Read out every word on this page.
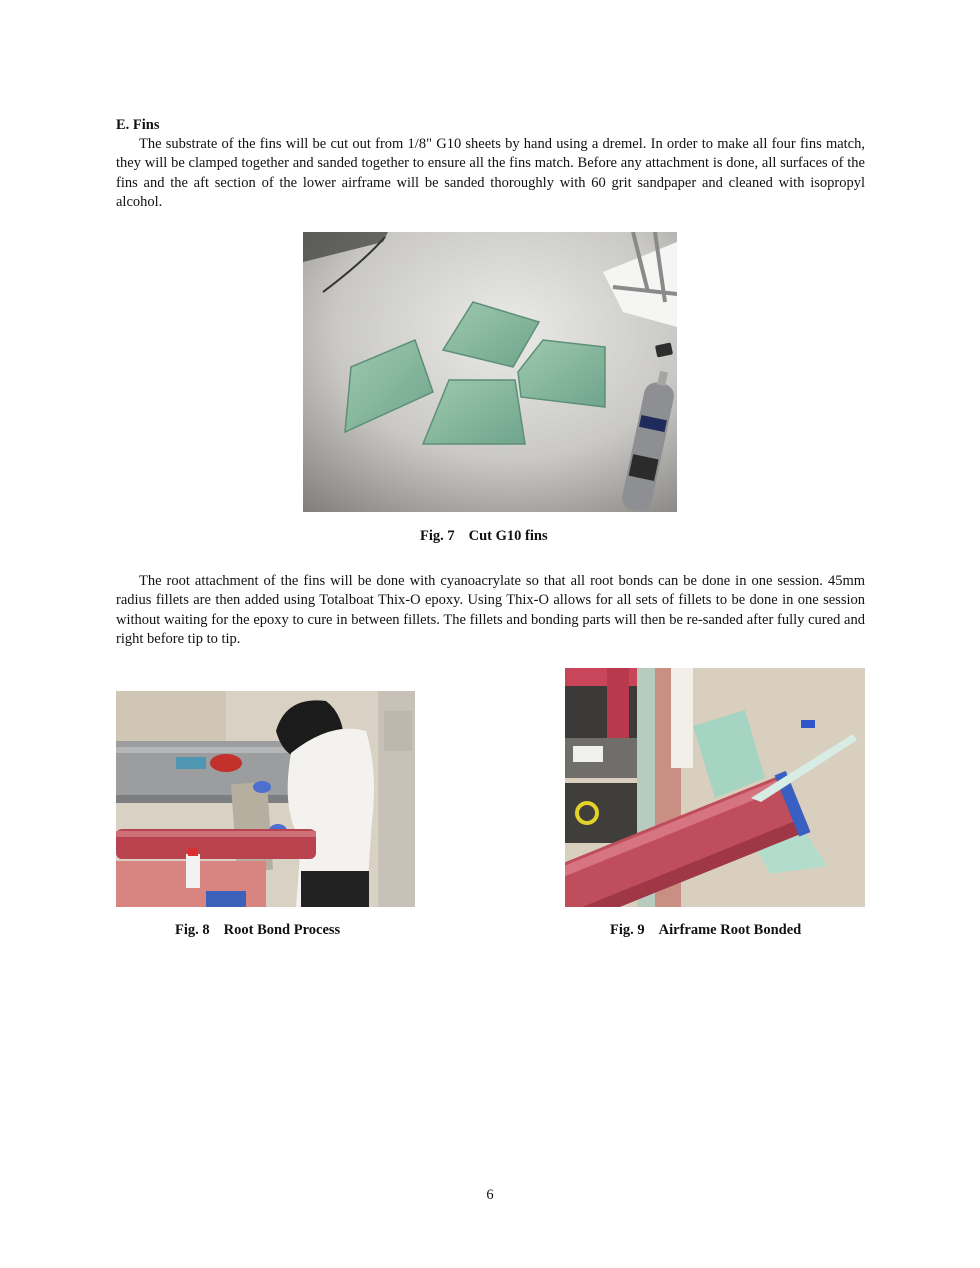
E. Fins

The substrate of the fins will be cut out from 1/8" G10 sheets by hand using a dremel. In order to make all four fins match, they will be clamped together and sanded together to ensure all the fins match. Before any attachment is done, all surfaces of the fins and the aft section of the lower airframe will be sanded thoroughly with 60 grit sandpaper and cleaned with isopropyl alcohol.

Fig. 7 Cut G10 fins

The root attachment of the fins will be done with cyanoacrylate so that all root bonds can be done in one session. 45mm radius fillets are then added using Totalboat Thix-O epoxy. Using Thix-O allows for all sets of fillets to be done in one session without waiting for the epoxy to cure in between fillets. The fillets and bonding parts will then be re-sanded after fully cured and right before tip to tip.

Fig. 8 Root Bond Process	Fig. 9 Airframe Root Bonded
6
